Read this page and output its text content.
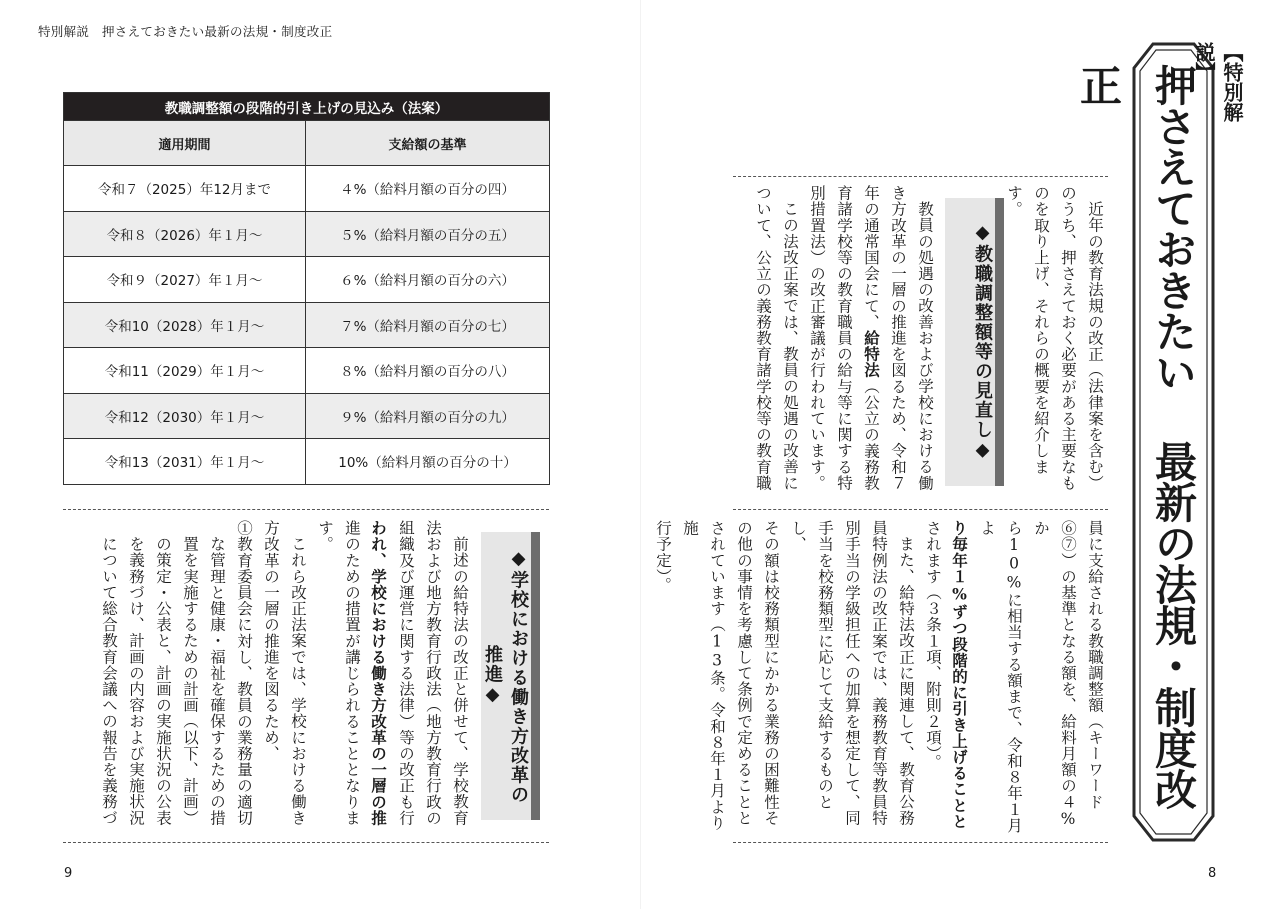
特別解説　押さえておきたい最新の法規・制度改正
教職調整額の段階的引き上げの見込み（法案）	
適用期間	支給額の基準
令和７（2025）年12月まで	４%（給料月額の百分の四）
令和８（2026）年１月～	５%（給料月額の百分の五）
令和９（2027）年１月～	６%（給料月額の百分の六）
令和10（2028）年１月～	７%（給料月額の百分の七）
令和11（2029）年１月～	８%（給料月額の百分の八）
令和12（2030）年１月～	９%（給料月額の百分の九）
令和13（2031）年１月～	10%（給料月額の百分の十）
◆学校における働き方改革の推進◆

前述の給特法の改正と併せて、学校教育

法および地方教育行政法（地方教育行政の

組織及び運営に関する法律）等の改正も行

われ、学校における働き方改革の一層の推

進のための措置が講じられることとなりま

す。

これら改正法案では、学校における働き

方改革の一層の推進を図るため、

①教育委員会に対し、教員の業務量の適切

な管理と健康・福祉を確保するための措

置を実施するための計画（以下、計画）

の策定・公表と、計画の実施状況の公表

を義務づけ、計画の内容および実施状況

について総合教育会議への報告を義務づ

近年の教育法規の改正（法律案を含む）

のうち、押さえておく必要がある主要なも

のを取り上げ、それらの概要を紹介します。

◆教職調整額等の見直し◆

教員の処遇の改善および学校における働

き方改革の一層の推進を図るため、令和７

年の通常国会にて、給特法（公立の義務教

育諸学校等の教育職員の給与等に関する特

別措置法）の改正審議が行われています。

この法改正案では、教員の処遇の改善に

ついて、公立の義務教育諸学校等の教育職

員に支給される教職調整額（キーワード

⑥⑦）の基準となる額を、給料月額の４%か

ら10%に相当する額まで、令和８年１月よ

り毎年１%ずつ段階的に引き上げることと

されます（３条１項、附則２項）。

また、給特法改正に関連して、教育公務

員特例法の改正案では、義務教育等教員特

別手当の学級担任への加算を想定して、同

手当を校務類型に応じて支給するものとし、

その額は校務類型にかかる業務の困難性そ

の他の事情を考慮して条例で定めることと

されています（13条。令和８年１月より施

行予定）。	押さえておきたい 最新の法規・制度改正	【特別解説】
9	8
